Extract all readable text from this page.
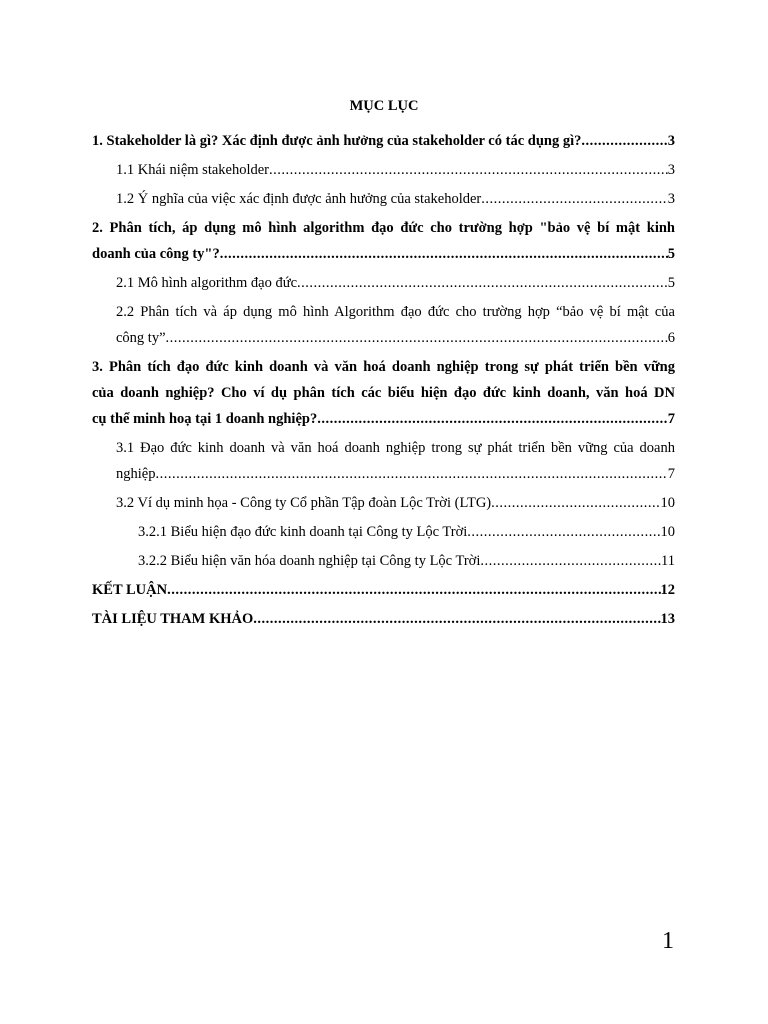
MỤC LỤC
1. Stakeholder là gì? Xác định được ảnh hưởng của stakeholder có tác dụng gì? .....	3
1.1 Khái niệm stakeholder .....	3
1.2 Ý nghĩa của việc xác định được ảnh hưởng của stakeholder .....	3
2. Phân tích, áp dụng mô hình algorithm đạo đức cho trường hợp "bảo vệ bí mật kinh
doanh của công ty"? .....	5
2.1 Mô hình algorithm đạo đức .....	5
2.2 Phân tích và áp dụng mô hình Algorithm đạo đức cho trường hợp “bảo vệ bí mật của
công ty” .....	6
3. Phân tích đạo đức kinh doanh và văn hoá doanh nghiệp trong sự phát triển bền vững
của doanh nghiệp? Cho ví dụ phân tích các biểu hiện đạo đức kinh doanh, văn hoá DN
cụ thể minh hoạ tại 1 doanh nghiệp? .....	7
3.1 Đạo đức kinh doanh và văn hoá doanh nghiệp trong sự phát triển bền vững của doanh
nghiệp .....	7
3.2 Ví dụ minh họa - Công ty Cổ phần Tập đoàn Lộc Trời (LTG) .....	10
3.2.1 Biểu hiện đạo đức kinh doanh tại Công ty Lộc Trời .....	10
3.2.2 Biểu hiện văn hóa doanh nghiệp tại Công ty Lộc Trời .....	11
KẾT LUẬN .....	12
TÀI LIỆU THAM KHẢO .....	13
1
